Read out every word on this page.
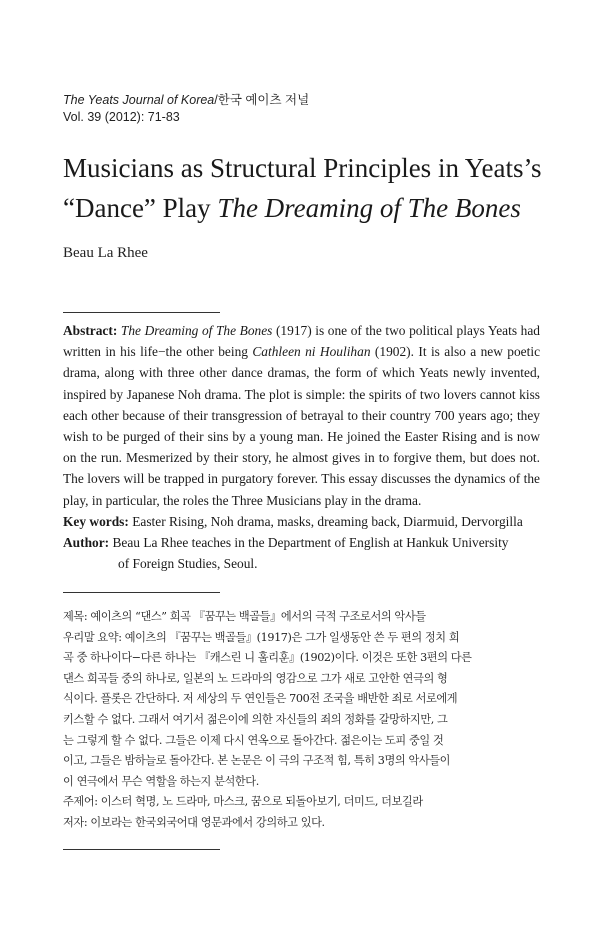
The Yeats Journal of Korea/한국 예이츠 저널
Vol. 39 (2012): 71-83
Musicians as Structural Principles in Yeats’s
“Dance” Play The Dreaming of The Bones
Beau La Rhee
Abstract: The Dreaming of The Bones (1917) is one of the two political plays Yeats had written in his life−the other being Cathleen ni Houlihan (1902). It is also a new poetic drama, along with three other dance dramas, the form of which Yeats newly invented, inspired by Japanese Noh drama. The plot is simple: the spirits of two lovers cannot kiss each other because of their transgression of betrayal to their country 700 years ago; they wish to be purged of their sins by a young man. He joined the Easter Rising and is now on the run. Mesmerized by their story, he almost gives in to forgive them, but does not. The lovers will be trapped in purgatory forever. This essay discusses the dynamics of the play, in particular, the roles the Three Musicians play in the drama.
Key words: Easter Rising, Noh drama, masks, dreaming back, Diarmuid, Dervorgilla
Author: Beau La Rhee teaches in the Department of English at Hankuk University
of Foreign Studies, Seoul.
제목: 예이츠의 “댄스” 희곡 『꿈꾸는 백골들』에서의 극적 구조로서의 악사들
우리말 요약: 예이츠의 『꿈꾸는 백골들』(1917)은 그가 일생동안 쓴 두 편의 정치 희
곡 중 하나이다−다른 하나는 『캐스린 니 훌리훈』(1902)이다. 이것은 또한 3편의 다른
댄스 희곡들 중의 하나로, 일본의 노 드라마의 영감으로 그가 새로 고안한 연극의 형
식이다. 플롯은 간단하다. 저 세상의 두 연인들은 700전 조국을 배반한 죄로 서로에게
키스할 수 없다. 그래서 여기서 젊은이에 의한 자신들의 죄의 정화를 갈망하지만, 그
는 그렇게 할 수 없다. 그들은 이제 다시 연옥으로 돌아간다. 젊은이는 도피 중일 것
이고, 그들은 밤하늘로 돌아간다. 본 논문은 이 극의 구조적 힘, 특히 3명의 악사들이
이 연극에서 무슨 역할을 하는지 분석한다.
주제어: 이스터 혁명, 노 드라마, 마스크, 꿈으로 되돌아보기, 더미드, 더보길라
저자: 이보라는 한국외국어대 영문과에서 강의하고 있다.
